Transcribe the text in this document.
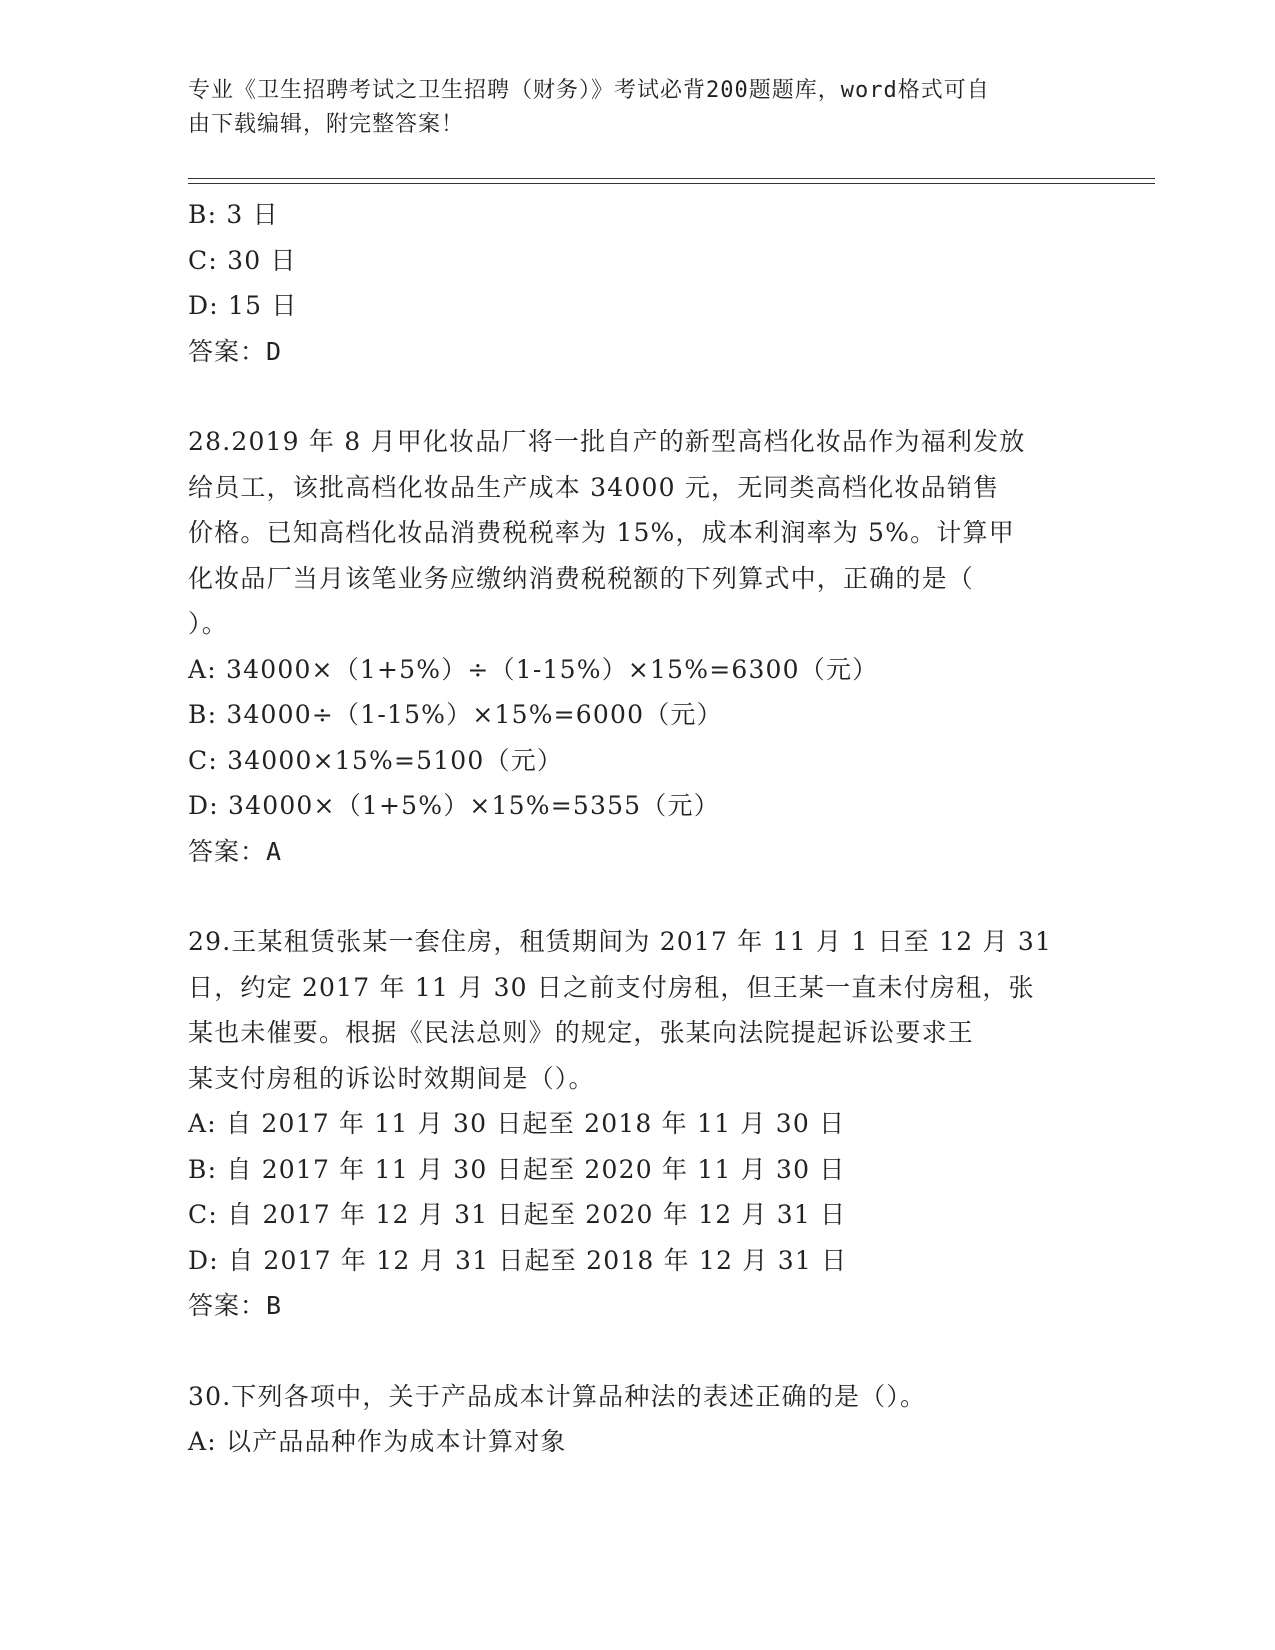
专业《卫生招聘考试之卫生招聘（财务）》考试必背200题题库，word格式可自
由下载编辑，附完整答案！
B: 3 日
C: 30 日
D: 15 日
答案：D
28.2019 年 8 月甲化妆品厂将一批自产的新型高档化妆品作为福利发放
给员工，该批高档化妆品生产成本 34000 元，无同类高档化妆品销售
价格。已知高档化妆品消费税税率为 15%，成本利润率为 5%。计算甲
化妆品厂当月该笔业务应缴纳消费税税额的下列算式中，正确的是（
）。
A: 34000×（1+5%）÷（1-15%）×15%=6300（元）
B: 34000÷（1-15%）×15%=6000（元）
C: 34000×15%=5100（元）
D: 34000×（1+5%）×15%=5355（元）
答案：A
29.王某租赁张某一套住房，租赁期间为 2017 年 11 月 1 日至 12 月 31
日，约定 2017 年 11 月 30 日之前支付房租，但王某一直未付房租，张
某也未催要。根据《民法总则》的规定，张某向法院提起诉讼要求王
某支付房租的诉讼时效期间是（）。
A: 自 2017 年 11 月 30 日起至 2018 年 11 月 30 日
B: 自 2017 年 11 月 30 日起至 2020 年 11 月 30 日
C: 自 2017 年 12 月 31 日起至 2020 年 12 月 31 日
D: 自 2017 年 12 月 31 日起至 2018 年 12 月 31 日
答案：B
30.下列各项中，关于产品成本计算品种法的表述正确的是（）。
A: 以产品品种作为成本计算对象
